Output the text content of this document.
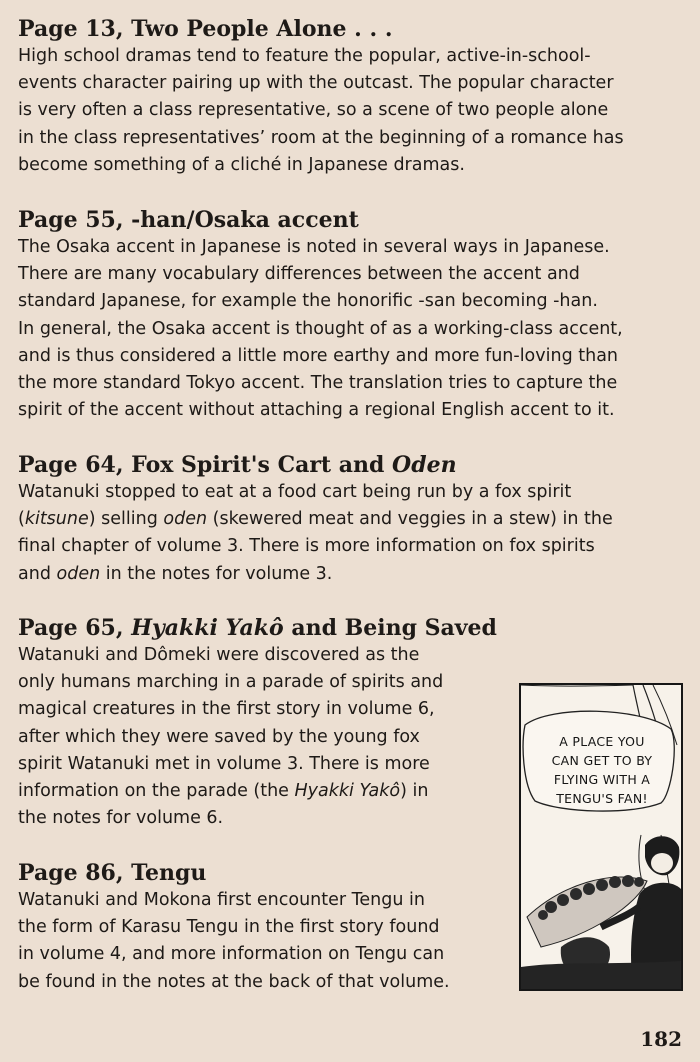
Page 13, Two People Alone . . .
High school dramas tend to feature the popular, active-in-school-
events character pairing up with the outcast. The popular character
is very often a class representative, so a scene of two people alone
in the class representatives’ room at the beginning of a romance has
become something of a cliché in Japanese dramas.
Page 55, -han/Osaka accent
The Osaka accent in Japanese is noted in several ways in Japanese.
There are many vocabulary differences between the accent and
standard Japanese, for example the honorific -san becoming -han.
In general, the Osaka accent is thought of as a working-class accent,
and is thus considered a little more earthy and more fun-loving than
the more standard Tokyo accent. The translation tries to capture the
spirit of the accent without attaching a regional English accent to it.
Page 64, Fox Spirit's Cart and Oden
Watanuki stopped to eat at a food cart being run by a fox spirit
(kitsune) selling oden (skewered meat and veggies in a stew) in the
final chapter of volume 3. There is more information on fox spirits
and oden in the notes for volume 3.
Page 65, Hyakki Yakô and Being Saved
Watanuki and Dômeki were discovered as the
only humans marching in a parade of spirits and
magical creatures in the first story in volume 6,
after which they were saved by the young fox
spirit Watanuki met in volume 3. There is more
information on the parade (the Hyakki Yakô) in
the notes for volume 6.
Page 86, Tengu
Watanuki and Mokona first encounter Tengu in
the form of Karasu Tengu in the first story found
in volume 4, and more information on Tengu can
be found in the notes at the back of that volume.
A PLACE YOU
CAN GET TO BY
FLYING WITH A
TENGU'S FAN!
182
